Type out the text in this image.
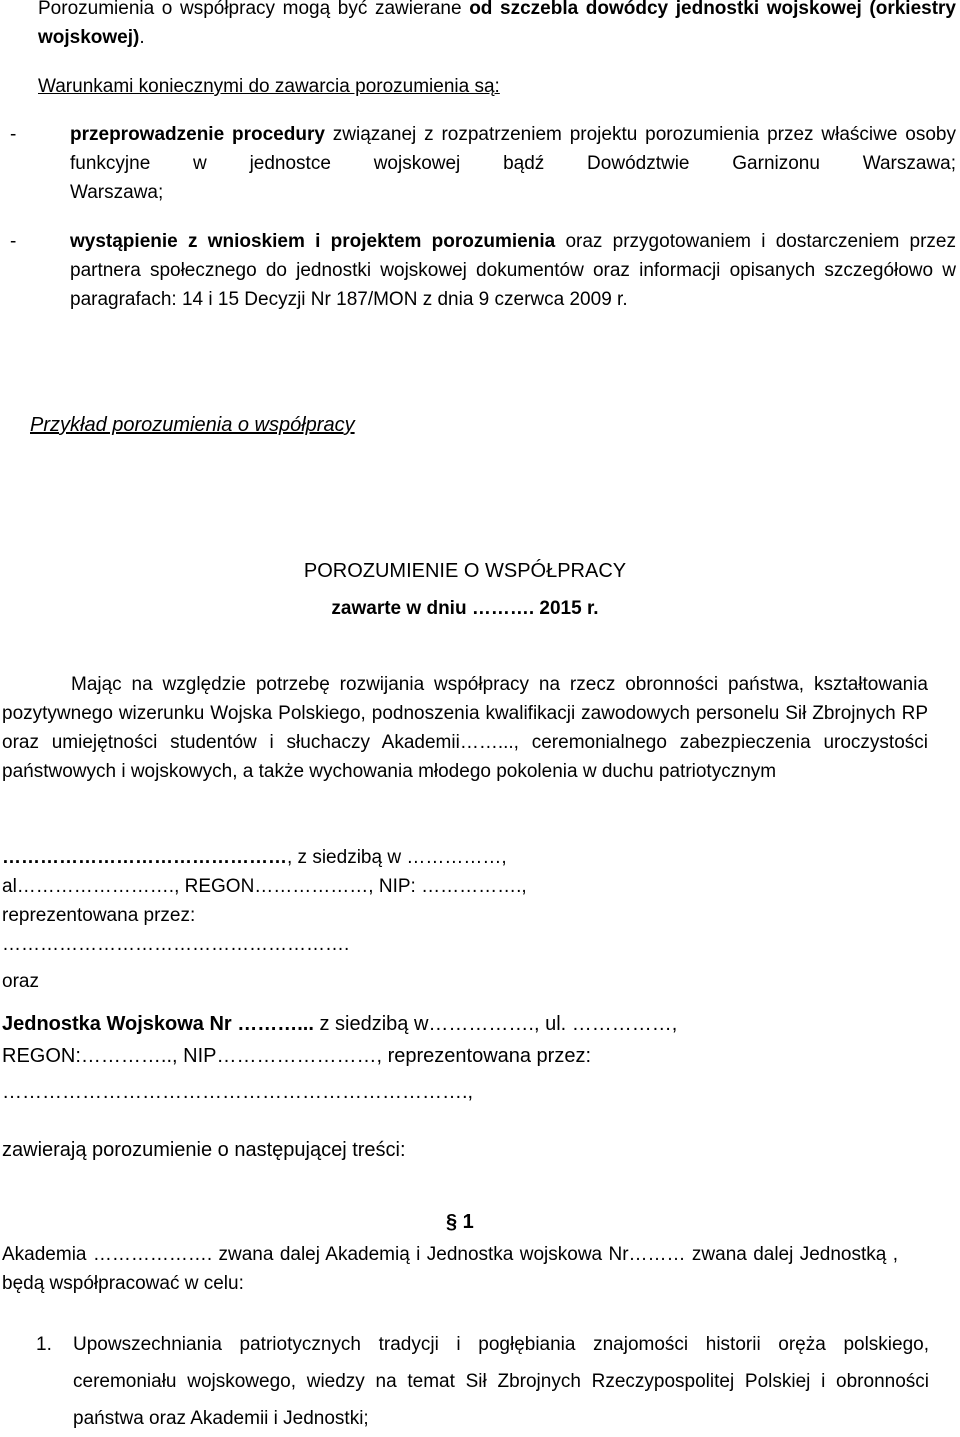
Porozumienia o współpracy mogą być zawierane od szczebla dowódcy jednostki wojskowej (orkiestry wojskowej).
Warunkami koniecznymi do zawarcia porozumienia są:
-	przeprowadzenie procedury związanej z rozpatrzeniem projektu porozumienia przez właściwe osoby funkcyjne w jednostce wojskowej bądź Dowództwie Garnizonu Warszawa;
Warszawa;
-	wystąpienie z wnioskiem i projektem porozumienia oraz przygotowaniem i dostarczeniem przez partnera społecznego do jednostki wojskowej dokumentów oraz informacji opisanych szczegółowo w paragrafach: 14 i 15 Decyzji Nr 187/MON z dnia 9 czerwca 2009 r.
Przykład porozumienia o współpracy
POROZUMIENIE O WSPÓŁPRACY
zawarte w dniu ………. 2015 r.
Mając na względzie potrzebę rozwijania współpracy na rzecz obronności państwa, kształtowania pozytywnego wizerunku Wojska Polskiego, podnoszenia kwalifikacji zawodowych personelu Sił Zbrojnych RP oraz umiejętności studentów i słuchaczy Akademii……..., ceremonialnego zabezpieczenia uroczystości państwowych i wojskowych, a także wychowania młodego pokolenia w duchu patriotycznym
………………………………………, z siedzibą w ……………,
al……………………., REGON………………, NIP: …………….,
reprezentowana przez:
……………………………………………….
oraz
Jednostka Wojskowa Nr ………... z siedzibą w……………., ul. ……………,
REGON:………….., NIP……………………, reprezentowana przez:
…………………………………………………………….,
zawierają porozumienie o następującej treści:
§ 1
Akademia ………………. zwana dalej Akademią i Jednostka wojskowa Nr……… zwana dalej Jednostką , będą współpracować w celu:
1. Upowszechniania patriotycznych tradycji i pogłębiania znajomości historii oręża polskiego, ceremoniału wojskowego, wiedzy na temat Sił Zbrojnych Rzeczypospolitej Polskiej i obronności państwa oraz Akademii i Jednostki;
